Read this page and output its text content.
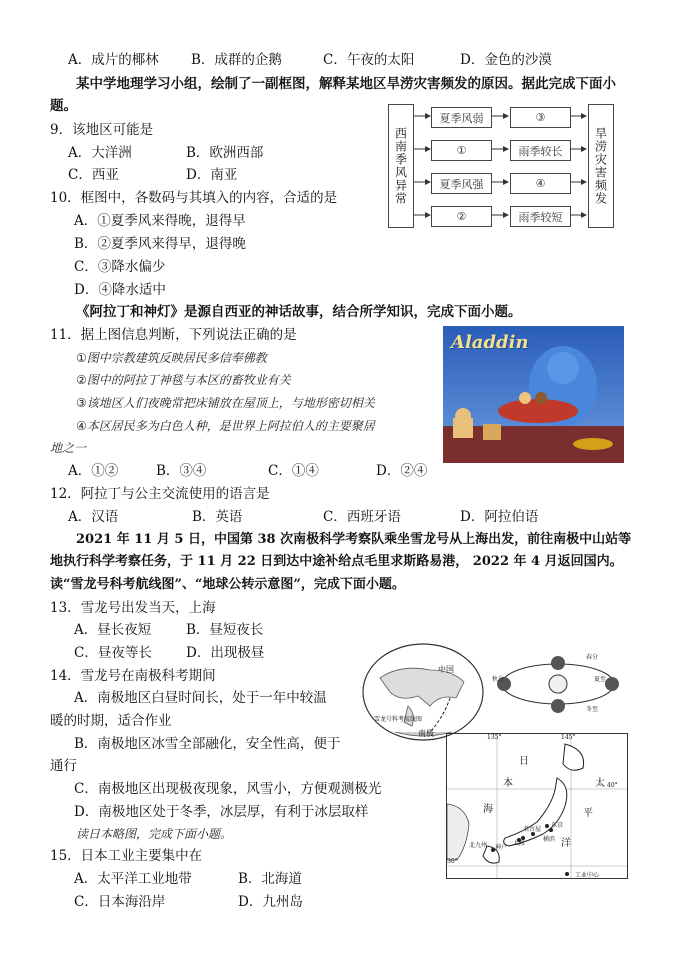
A．成片的椰林 B．成群的企鹅	C．午夜的太阳	D．金色的沙漠
某中学地理学习小组，绘制了一副框图，解释某地区旱涝灾害频发的原因。据此完成下面小
题。
9．该地区可能是
A．大洋洲	B．欧洲西部
C．西亚	D．南亚
10．框图中，各数码与其填入的内容，合适的是
A．①夏季风来得晚，退得早
B．②夏季风来得早，退得晚
C．③降水偏少
D．④降水适中
西南季风异常
夏季风弱	③
①	雨季较长
夏季风强	④
②	雨季较短
旱涝灾害频发
《阿拉丁和神灯》是源自西亚的神话故事，结合所学知识，完成下面小题。
11．据上图信息判断，下列说法正确的是
①图中宗教建筑反映居民多信奉佛教
②图中的阿拉丁神毯与本区的畜牧业有关
③该地区人们夜晚常把床铺放在屋顶上，与地形密切相关
④本区居民多为白色人种，是世界上阿拉伯人的主要聚居
地之一
A．①②	B．③④	C．①④	D．②④
Aladdin
12．阿拉丁与公主交流使用的语言是
A．汉语	B．英语	C．西班牙语	D．阿拉伯语
2021 年 11 月 5 日，中国第 38 次南极科学考察队乘坐雪龙号从上海出发，前往南极中山站等
地执行科学考察任务，于 11 月 22 日到达中途补给点毛里求斯路易港， 2022 年 4 月返回国内。
读“雪龙号科考航线图”、“地球公转示意图”，完成下面小题。
13．雪龙号出发当天，上海
A．昼长夜短	B．昼短夜长
C．昼夜等长	D．出现极昼
14．雪龙号在南极科考期间
A．南极地区白昼时间长，处于一年中较温
暖的时期，适合作业
B．南极地区冰雪全部融化，安全性高，便于
通行
C．南极地区出现极夜现象，风雪小，方便观测极光
D．南极地区处于冬季，冰层厚，有利于冰层取样
读日本略图，完成下面小题。
15．日本工业主要集中在
A．太平洋工业地带	B．北海道
C．日本海沿岸	D．九州岛
中国
南极
雪龙号科考航线图
春分
夏至
秋分
冬至
日
本
海
太
平
洋
135°	145°
40°
30°
东京
大阪
名古屋
横滨
神户
北九州
工业中心
